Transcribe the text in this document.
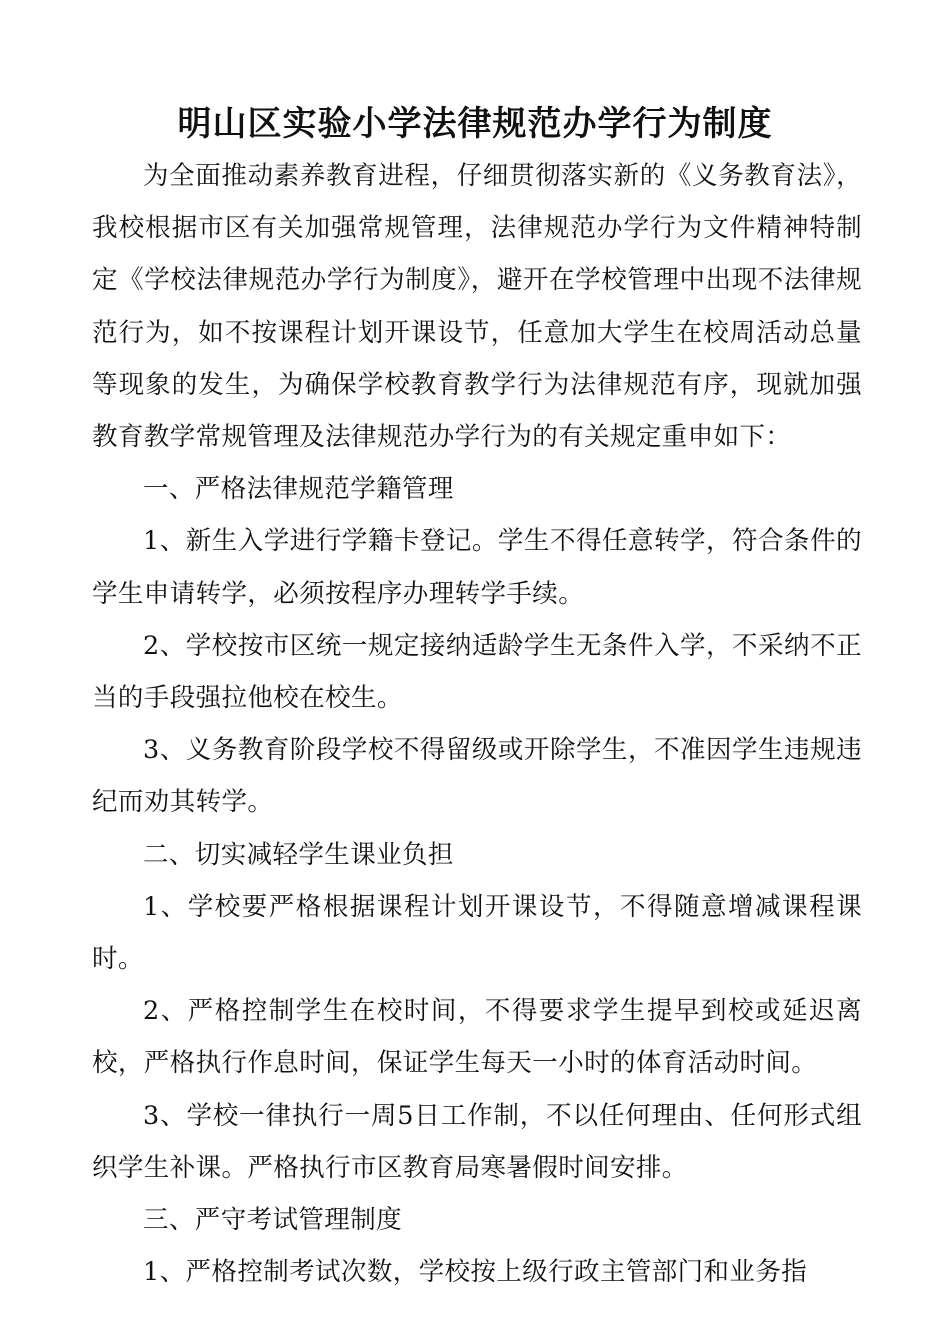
明山区实验小学法律规范办学行为制度

为全面推动素养教育进程，仔细贯彻落实新的《义务教育法》，我校根据市区有关加强常规管理，法律规范办学行为文件精神特制定《学校法律规范办学行为制度》，避开在学校管理中出现不法律规范行为，如不按课程计划开课设节，任意加大学生在校周活动总量等现象的发生，为确保学校教育教学行为法律规范有序，现就加强教育教学常规管理及法律规范办学行为的有关规定重申如下：

一、严格法律规范学籍管理

1、新生入学进行学籍卡登记。学生不得任意转学，符合条件的学生申请转学，必须按程序办理转学手续。

2、学校按市区统一规定接纳适龄学生无条件入学，不采纳不正当的手段强拉他校在校生。

3、义务教育阶段学校不得留级或开除学生，不准因学生违规违纪而劝其转学。

二、切实减轻学生课业负担

1、学校要严格根据课程计划开课设节，不得随意增减课程课时。

2、严格控制学生在校时间，不得要求学生提早到校或延迟离校，严格执行作息时间，保证学生每天一小时的体育活动时间。

3、学校一律执行一周5日工作制，不以任何理由、任何形式组织学生补课。严格执行市区教育局寒暑假时间安排。

三、严守考试管理制度

1、严格控制考试次数，学校按上级行政主管部门和业务指
